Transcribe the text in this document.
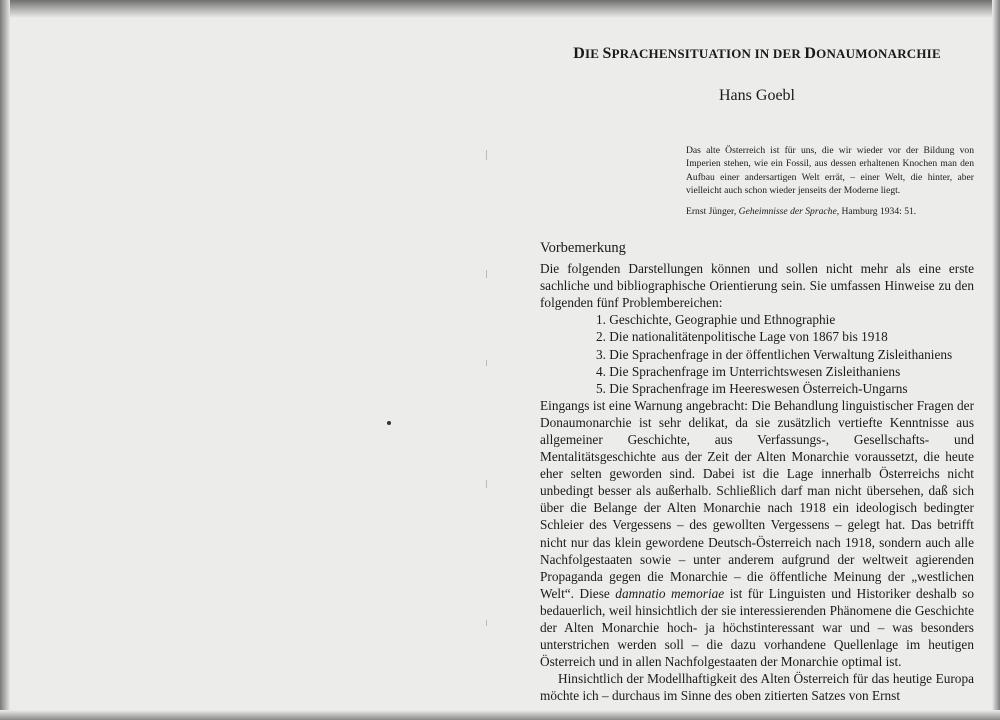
DIE SPRACHENSITUATION IN DER DONAUMONARCHIE
Hans Goebl

Das alte Österreich ist für uns, die wir wieder vor der Bildung von Imperien stehen, wie ein Fossil, aus dessen erhaltenen Knochen man den Aufbau einer andersartigen Welt errät, – einer Welt, die hinter, aber vielleicht auch schon wieder jenseits der Moderne liegt.

Ernst Jünger, Geheimnisse der Sprache, Hamburg 1934: 51.

Vorbemerkung

Die folgenden Darstellungen können und sollen nicht mehr als eine erste sachliche und bibliographische Orientierung sein. Sie umfassen Hinweise zu den folgenden fünf Problembereichen:

1. Geschichte, Geographie und Ethnographie
2. Die nationalitätenpolitische Lage von 1867 bis 1918
3. Die Sprachenfrage in der öffentlichen Verwaltung Zisleithaniens
4. Die Sprachenfrage im Unterrichtswesen Zisleithaniens
5. Die Sprachenfrage im Heereswesen Österreich-Ungarns

Eingangs ist eine Warnung angebracht: Die Behandlung linguistischer Fragen der Donaumonarchie ist sehr delikat, da sie zusätzlich vertiefte Kenntnisse aus allgemeiner Geschichte, aus Verfassungs-, Gesellschafts- und Mentalitätsgeschichte aus der Zeit der Alten Monarchie voraussetzt, die heute eher selten geworden sind. Dabei ist die Lage innerhalb Österreichs nicht unbedingt besser als außerhalb. Schließlich darf man nicht übersehen, daß sich über die Belange der Alten Monarchie nach 1918 ein ideologisch bedingter Schleier des Vergessens – des gewollten Vergessens – gelegt hat. Das betrifft nicht nur das klein gewordene Deutsch-Österreich nach 1918, sondern auch alle Nachfolgestaaten sowie – unter anderem aufgrund der weltweit agierenden Propaganda gegen die Monarchie – die öffentliche Meinung der „westlichen Welt“. Diese damnatio memoriae ist für Linguisten und Historiker deshalb so bedauerlich, weil hinsichtlich der sie interessierenden Phänomene die Geschichte der Alten Monarchie hoch- ja höchstinteressant war und – was besonders unterstrichen werden soll – die dazu vorhandene Quellenlage im heutigen Österreich und in allen Nachfolgestaaten der Monarchie optimal ist.

Hinsichtlich der Modellhaftigkeit des Alten Österreich für das heutige Europa möchte ich – durchaus im Sinne des oben zitierten Satzes von Ernst
